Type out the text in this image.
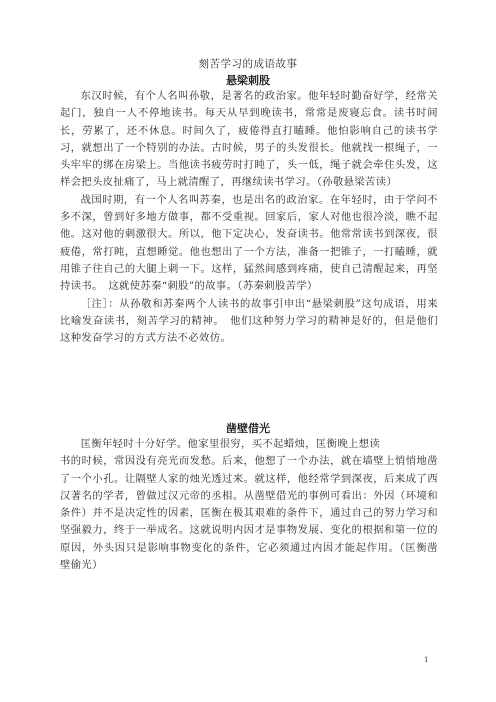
刻苦学习的成语故事
悬梁刺股

东汉时候，有个人名叫孙敬，是著名的政治家。他年轻时勤奋好学，经常关起门，独自一人不停地读书。每天从早到晚读书，常常是废寝忘食。读书时间长，劳累了，还不休息。时间久了，疲倦得直打瞌睡。他怕影响自己的读书学习，就想出了一个特别的办法。古时候，男子的头发很长。他就找一根绳子，一头牢牢的绑在房梁上。当他读书疲劳时打盹了，头一低，绳子就会牵住头发，这样会把头皮扯痛了，马上就清醒了，再继续读书学习。（孙敬悬梁苦读）

战国时期，有一个人名叫苏秦，也是出名的政治家。在年轻时，由于学问不多不深，曾到好多地方做事，都不受重视。回家后，家人对他也很冷淡，瞧不起他。这对他的刺激很大。所以，他下定决心，发奋读书。他常常读书到深夜，很疲倦，常打盹，直想睡觉。他也想出了一个方法，准备一把锥子，一打瞌睡，就用锥子往自己的大腿上刺一下。这样，猛然间感到疼痛，使自己清醒起来，再坚持读书。　这就使苏秦“刺股”的故事。（苏秦刺股苦学）

［注］：从孙敬和苏秦两个人读书的故事引申出“悬梁刺股”这句成语，用来比喻发奋读书，刻苦学习的精神。　他们这种努力学习的精神是好的，但是他们这种发奋学习的方式方法不必效仿。

凿壁借光

匡衡年轻时十分好学。他家里很穷，买不起蜡烛，匡衡晚上想读

书的时候，常因没有亮光而发愁。后来，他想了一个办法，就在墙壁上悄悄地凿了一个小孔。让隔壁人家的烛光透过来。就这样，他经常学到深夜，后来成了西汉著名的学者，曾做过汉元帝的丞相。从凿壁借光的事例可看出：外因（环境和条件）并不是决定性的因素，匡衡在极其艰难的条件下，通过自己的努力学习和坚强毅力，终于一举成名。这就说明内因才是事物发展、变化的根据和第一位的原因，外头因只是影响事物变化的条件，它必须通过内因才能起作用。（匡衡凿壁偷光）

1
